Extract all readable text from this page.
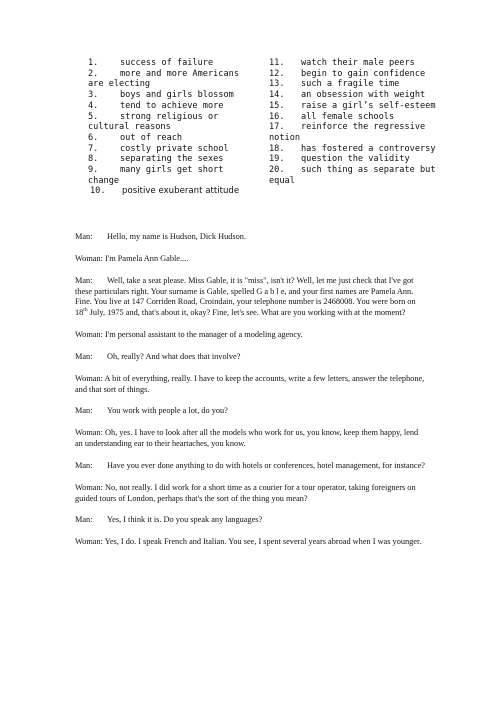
1.	success of failure
2.	more and more Americans are electing
3.	boys and girls blossom
4.	tend to achieve more
5.	strong religious or cultural reasons
6.	out of reach
7.	costly private school
8.	separating the sexes
9.	many girls get short change
10.	positive exuberant attitude
11.	watch their male peers
12.	begin to gain confidence
13.	such a fragile time
14.	an obsession with weight
15.	raise a girl’s self-esteem
16.	all female schools
17.	reinforce the regressive notion
18.	has fostered a controversy
19.	question the validity
20.	such thing as separate but equal

Man: Hello, my name is Hudson, Dick Hudson.

Woman: I'm Pamela Ann Gable....

Man: Well, take a seat please. Miss Gable, it is "miss", isn't it? Well, let me just check that I've got these particulars right. Your surname is Gable, spelled G a b l e, and your first names are Pamela Ann. Fine. You live at 147 Corriden Road, Croindain, your telephone number is 2468008. You were born on 18th July, 1975 and, that's about it, okay? Fine, let's see. What are you working with at the moment?

Woman: I'm personal assistant to the manager of a modeling agency.

Man: Oh, really? And what does that involve?

Woman: A bit of everything, really. I have to keep the accounts, write a few letters, answer the telephone, and that sort of things.

Man: You work with people a lot, do you?

Woman: Oh, yes. I have to look after all the models who work for us, you know, keep them happy, lend an understanding ear to their heartaches, you know.

Man: Have you ever done anything to do with hotels or conferences, hotel management, for instance?

Woman: No, not really. I did work for a short time as a courier for a tour operator, taking foreigners on guided tours of London, perhaps that's the sort of the thing you mean?

Man: Yes, I think it is. Do you speak any languages?

Woman: Yes, I do. I speak French and Italian. You see, I spent several years abroad when I was younger.
